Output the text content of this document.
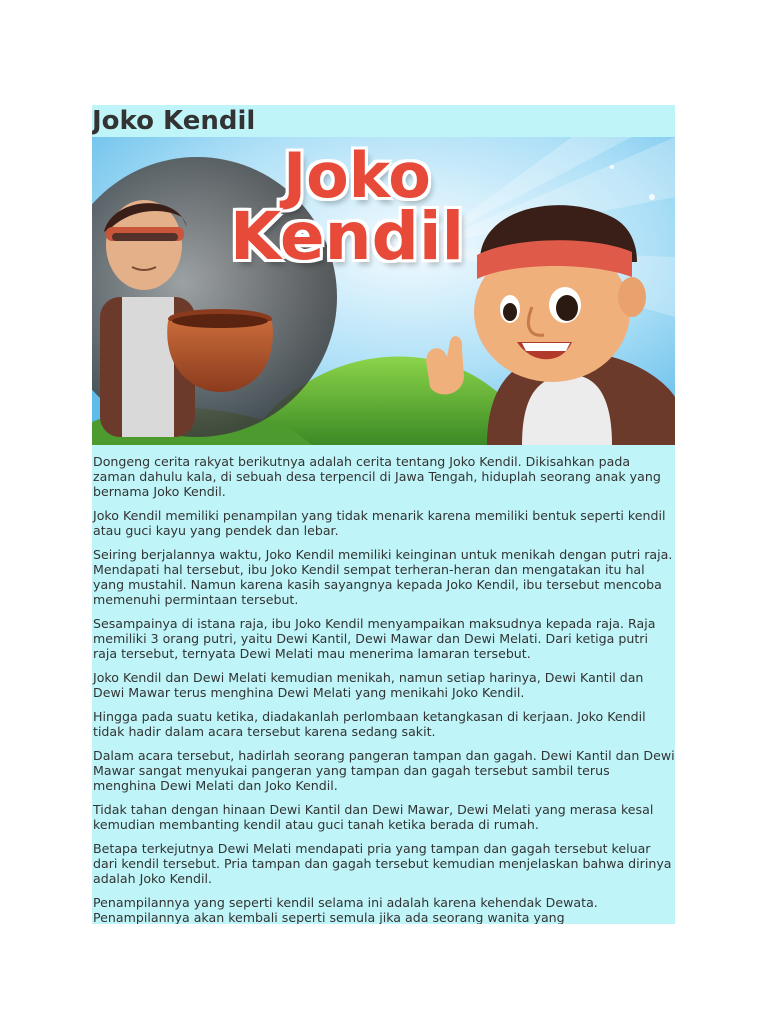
Joko Kendil
Joko
Kendil

Dongeng cerita rakyat berikutnya adalah cerita tentang Joko Kendil. Dikisahkan pada zaman dahulu kala, di sebuah desa terpencil di Jawa Tengah, hiduplah seorang anak yang bernama Joko Kendil.

Joko Kendil memiliki penampilan yang tidak menarik karena memiliki bentuk seperti kendil atau guci kayu yang pendek dan lebar.

Seiring berjalannya waktu, Joko Kendil memiliki keinginan untuk menikah dengan putri raja. Mendapati hal tersebut, ibu Joko Kendil sempat terheran-heran dan mengatakan itu hal yang mustahil. Namun karena kasih sayangnya kepada Joko Kendil, ibu tersebut mencoba memenuhi permintaan tersebut.

Sesampainya di istana raja, ibu Joko Kendil menyampaikan maksudnya kepada raja. Raja memiliki 3 orang putri, yaitu Dewi Kantil, Dewi Mawar dan Dewi Melati. Dari ketiga putri raja tersebut, ternyata Dewi Melati mau menerima lamaran tersebut.

Joko Kendil dan Dewi Melati kemudian menikah, namun setiap harinya, Dewi Kantil dan Dewi Mawar terus menghina Dewi Melati yang menikahi Joko Kendil.

Hingga pada suatu ketika, diadakanlah perlombaan ketangkasan di kerjaan. Joko Kendil tidak hadir dalam acara tersebut karena sedang sakit.

Dalam acara tersebut, hadirlah seorang pangeran tampan dan gagah. Dewi Kantil dan Dewi Mawar sangat menyukai pangeran yang tampan dan gagah tersebut sambil terus menghina Dewi Melati dan Joko Kendil.

Tidak tahan dengan hinaan Dewi Kantil dan Dewi Mawar, Dewi Melati yang merasa kesal kemudian membanting kendil atau guci tanah ketika berada di rumah.

Betapa terkejutnya Dewi Melati mendapati pria yang tampan dan gagah tersebut keluar dari kendil tersebut. Pria tampan dan gagah tersebut kemudian menjelaskan bahwa dirinya adalah Joko Kendil.

Penampilannya yang seperti kendil selama ini adalah karena kehendak Dewata. Penampilannya akan kembali seperti semula jika ada seorang wanita yang
